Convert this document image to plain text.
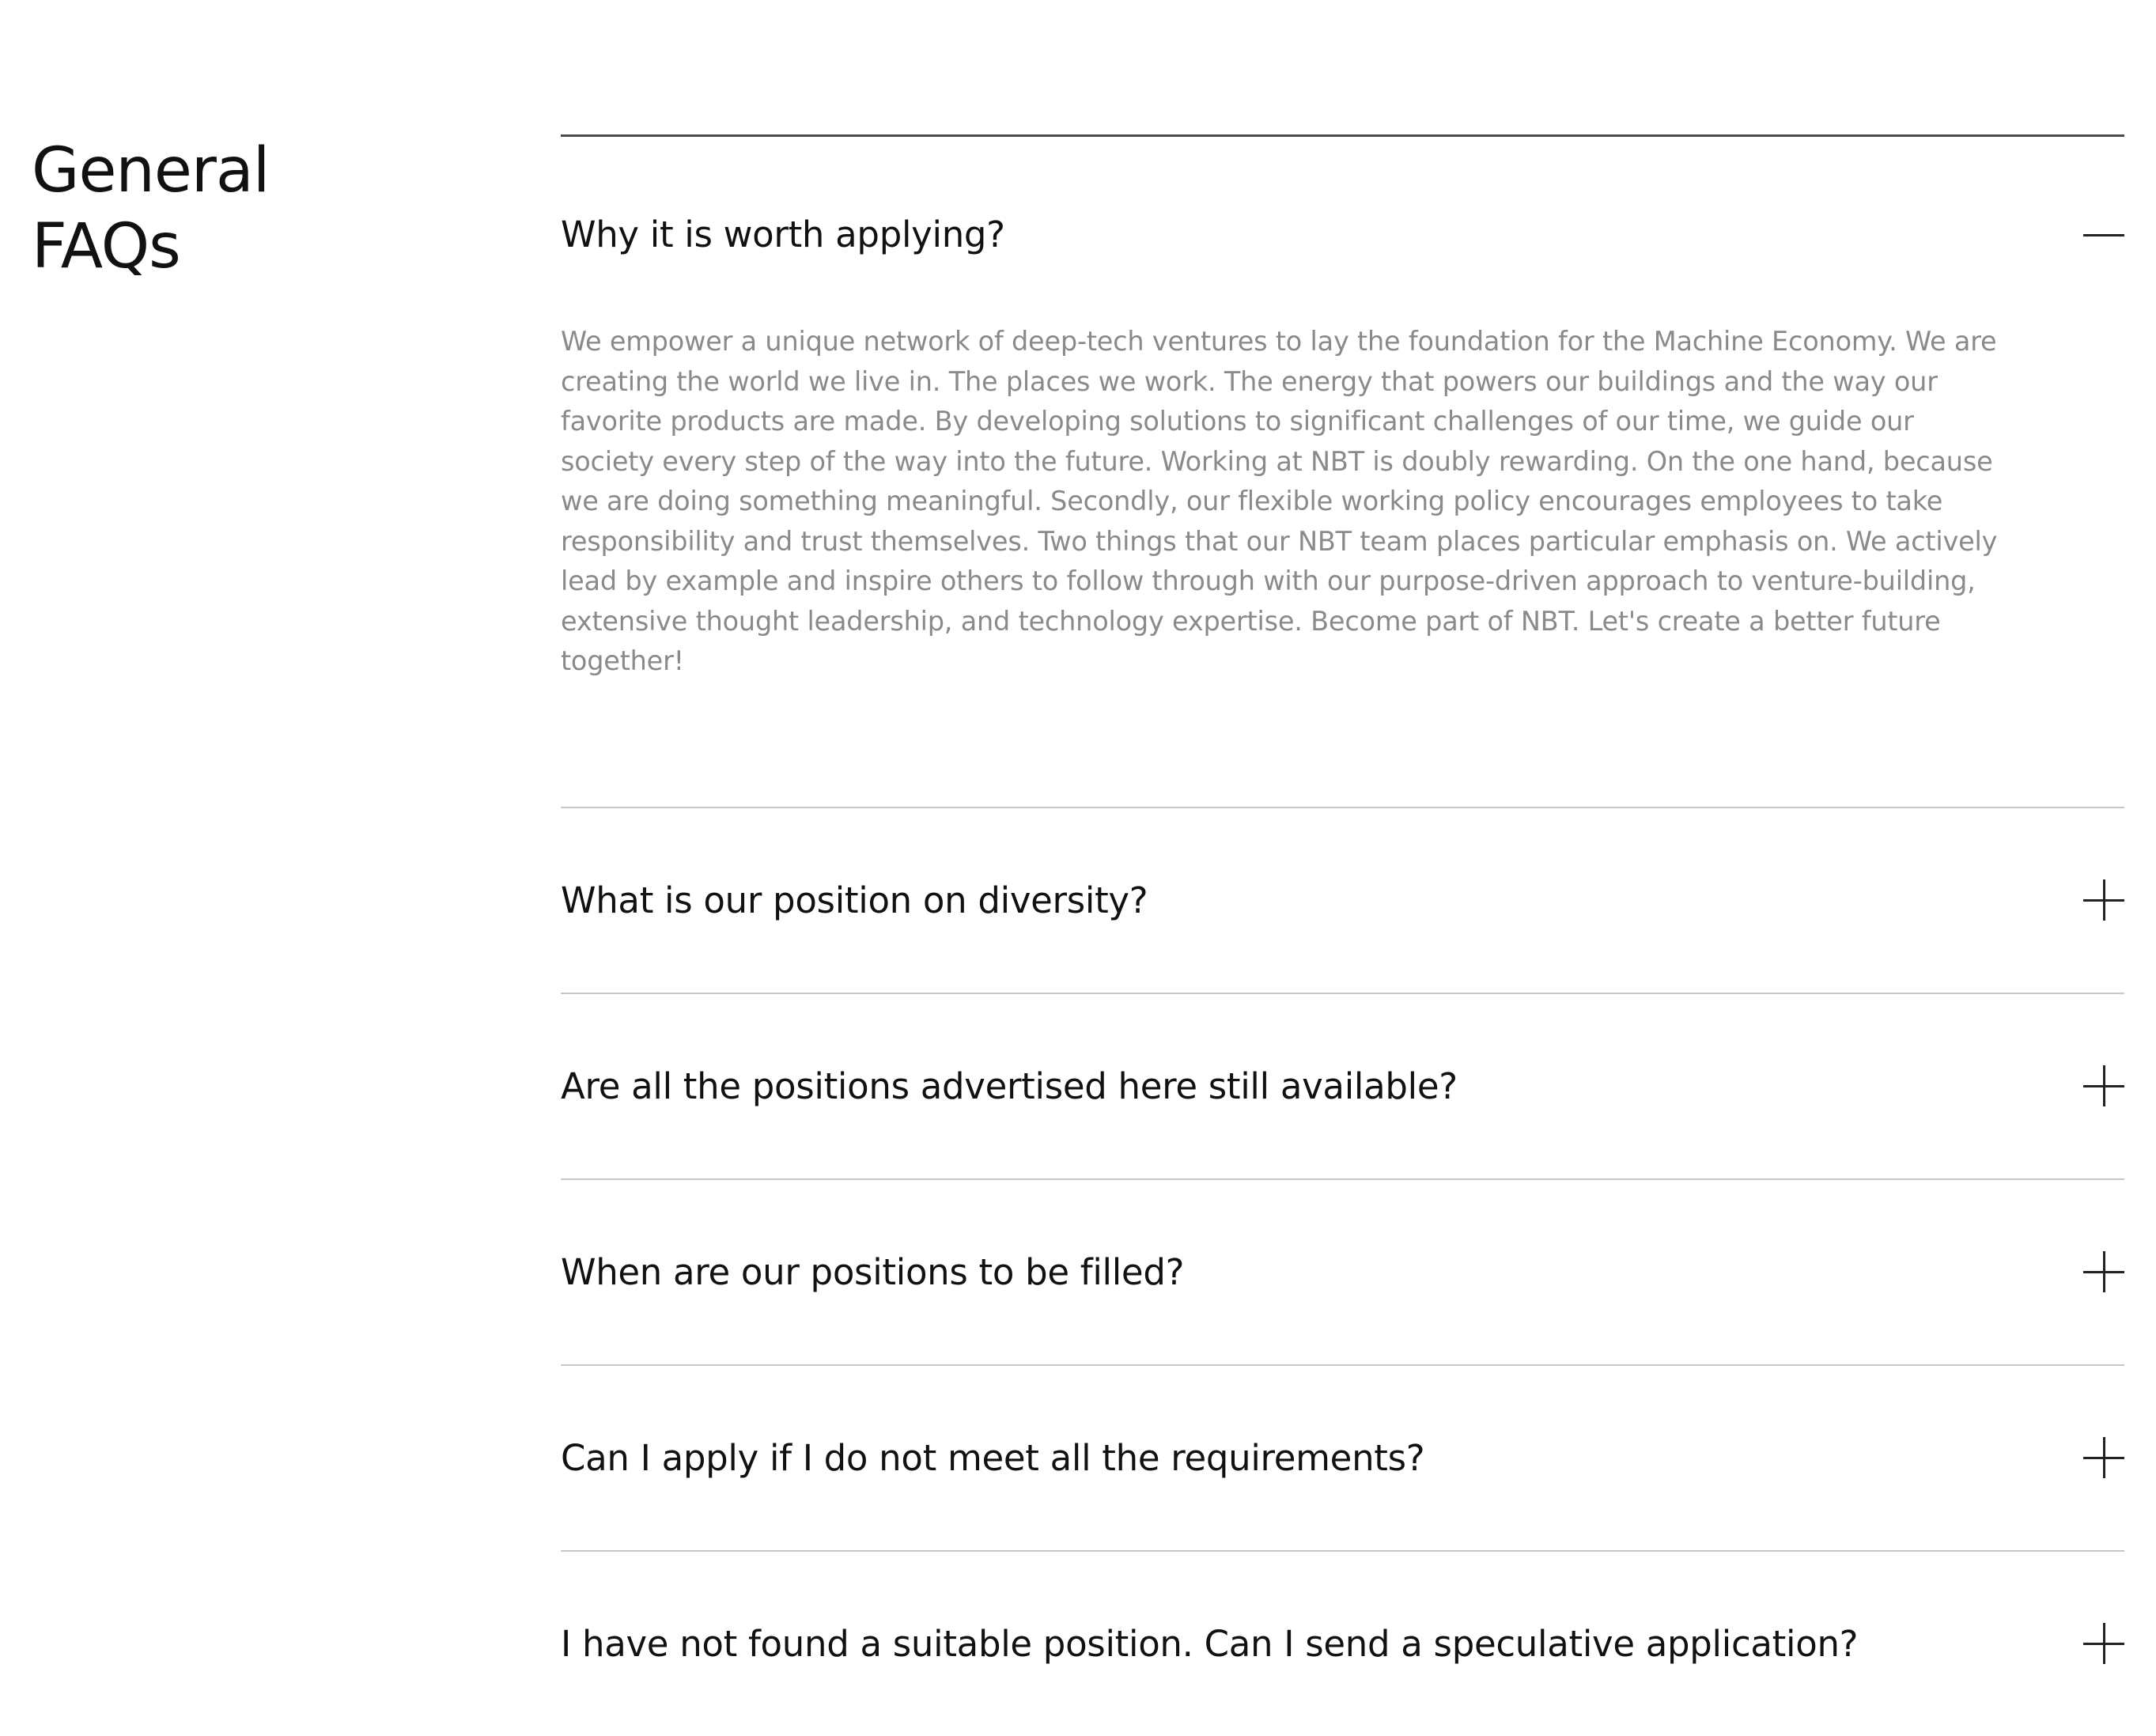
General
FAQs	Why it is worth applying?

We empower a unique network of deep-tech ventures to lay the foundation for the Machine Economy. We are creating the world we live in. The places we work. The energy that powers our buildings and the way our favorite products are made. By developing solutions to significant challenges of our time, we guide our society every step of the way into the future. Working at NBT is doubly rewarding. On the one hand, because we are doing something meaningful. Secondly, our flexible working policy encourages employees to take responsibility and trust themselves. Two things that our NBT team places particular emphasis on. We actively lead by example and inspire others to follow through with our purpose-driven approach to venture-building, extensive thought leadership, and technology expertise. Become part of NBT. Let's create a better future together!

What is our position on diversity?
Are all the positions advertised here still available?
When are our positions to be filled?
Can I apply if I do not meet all the requirements?
I have not found a suitable position. Can I send a speculative application?
